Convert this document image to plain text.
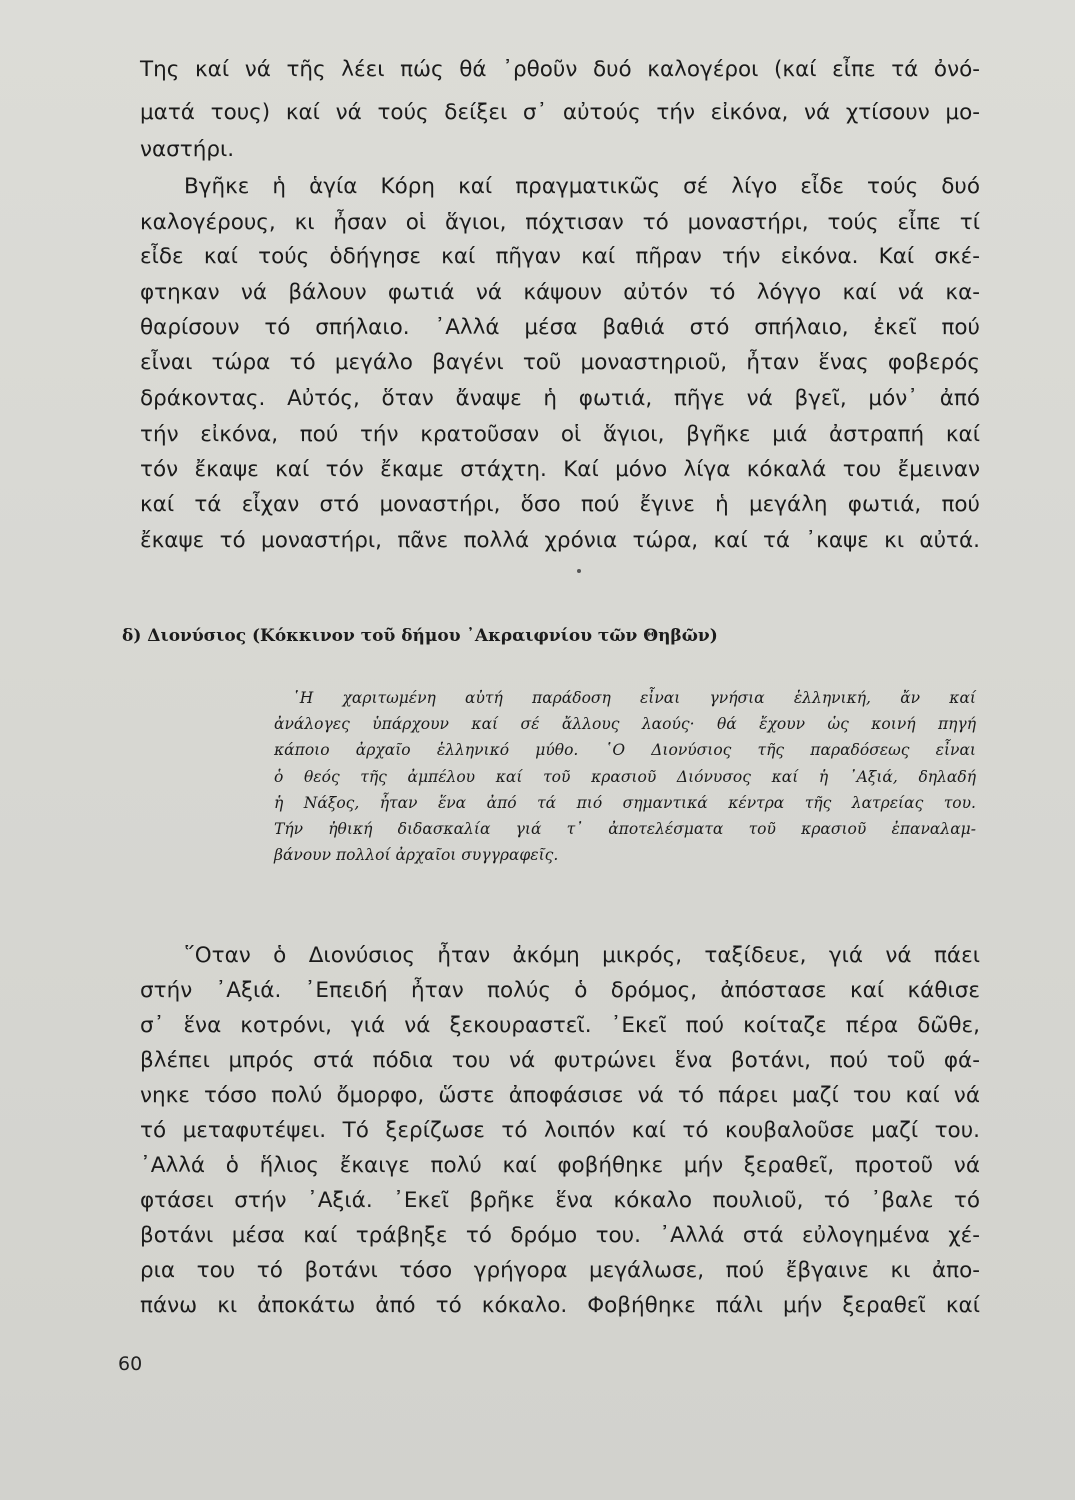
Της καί νά τῆς λέει πώς θά ᾽ρθοῦν δυό καλογέροι (καί εἶπε τά ὀνό-
ματά τους) καί νά τούς δείξει σ᾽ αὐτούς τήν εἰκόνα, νά χτίσουν μο-
ναστήρι.
Βγῆκε ἡ ἁγία Κόρη καί πραγματικῶς σέ λίγο εἶδε τούς δυό
καλογέρους, κι ἦσαν οἱ ἅγιοι, πόχτισαν τό μοναστήρι, τούς εἶπε τί
εἶδε καί τούς ὁδήγησε καί πῆγαν καί πῆραν τήν εἰκόνα. Καί σκέ-
φτηκαν νά βάλουν φωτιά νά κάψουν αὐτόν τό λόγγο καί νά κα-
θαρίσουν τό σπήλαιο. ᾽Αλλά μέσα βαθιά στό σπήλαιο, ἐκεῖ πού
εἶναι τώρα τό μεγάλο βαγένι τοῦ μοναστηριοῦ, ἦταν ἕνας φοβερός
δράκοντας. Αὐτός, ὅταν ἄναψε ἡ φωτιά, πῆγε νά βγεῖ, μόν᾽ ἀπό
τήν εἰκόνα, πού τήν κρατοῦσαν οἱ ἅγιοι, βγῆκε μιά ἀστραπή καί
τόν ἔκαψε καί τόν ἔκαμε στάχτη. Καί μόνο λίγα κόκαλά του ἔμειναν
καί τά εἶχαν στό μοναστήρι, ὅσο πού ἔγινε ἡ μεγάλη φωτιά, πού
ἔκαψε τό μοναστήρι, πᾶνε πολλά χρόνια τώρα, καί τά ᾽καψε κι αὐτά.
δ) Διονύσιος (Κόκκινον τοῦ δήμου ᾽Ακραιφνίου τῶν Θηβῶν)
῾Η χαριτωμένη αὐτή παράδοση εἶναι γνήσια ἑλληνική, ἄν καί
ἀνάλογες ὑπάρχουν καί σέ ἄλλους λαούς· θά ἔχουν ὡς κοινή πηγή
κάποιο ἀρχαῖο ἑλληνικό μύθο. ῾Ο Διονύσιος τῆς παραδόσεως εἶναι
ὁ θεός τῆς ἀμπέλου καί τοῦ κρασιοῦ Διόνυσος καί ἡ ᾽Αξιά, δηλαδή
ἡ Νάξος, ἦταν ἕνα ἀπό τά πιό σημαντικά κέντρα τῆς λατρείας του.
Τήν ἠθική διδασκαλία γιά τ᾽ ἀποτελέσματα τοῦ κρασιοῦ ἐπαναλαμ-
βάνουν πολλοί ἀρχαῖοι συγγραφεῖς.
῞Οταν ὁ Διονύσιος ἦταν ἀκόμη μικρός, ταξίδευε, γιά νά πάει
στήν ᾽Αξιά. ᾽Επειδή ἦταν πολύς ὁ δρόμος, ἀπόστασε καί κάθισε
σ᾽ ἕνα κοτρόνι, γιά νά ξεκουραστεῖ. ᾽Εκεῖ πού κοίταζε πέρα δῶθε,
βλέπει μπρός στά πόδια του νά φυτρώνει ἕνα βοτάνι, πού τοῦ φά-
νηκε τόσο πολύ ὄμορφο, ὥστε ἀποφάσισε νά τό πάρει μαζί του καί νά
τό μεταφυτέψει. Τό ξερίζωσε τό λοιπόν καί τό κουβαλοῦσε μαζί του.
᾽Αλλά ὁ ἥλιος ἔκαιγε πολύ καί φοβήθηκε μήν ξεραθεῖ, προτοῦ νά
φτάσει στήν ᾽Αξιά. ᾽Εκεῖ βρῆκε ἕνα κόκαλο πουλιοῦ, τό ᾽βαλε τό
βοτάνι μέσα καί τράβηξε τό δρόμο του. ᾽Αλλά στά εὐλογημένα χέ-
ρια του τό βοτάνι τόσο γρήγορα μεγάλωσε, πού ἔβγαινε κι ἀπο-
πάνω κι ἀποκάτω ἀπό τό κόκαλο. Φοβήθηκε πάλι μήν ξεραθεῖ καί
60
